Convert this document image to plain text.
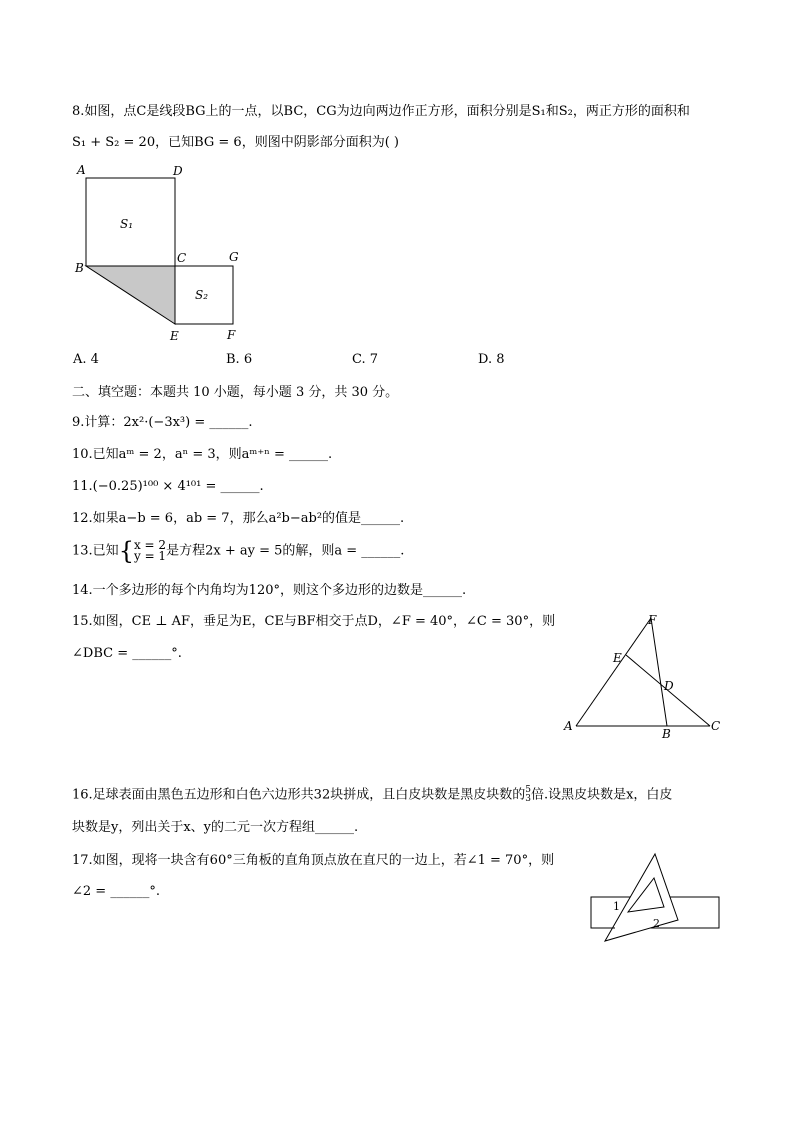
8.如图，点C是线段BG上的一点，以BC，CG为边向两边作正方形，面积分别是S₁和S₂，两正方形的面积和
S₁ + S₂ = 20，已知BG = 6，则图中阴影部分面积为( )
A	D
S₁
B
C	G
S₂
E	F
A. 4	B. 6	C. 7	D. 8
二、填空题：本题共 10 小题，每小题 3 分，共 30 分。
9.计算：2x²·(−3x³) = ______.
10.已知aᵐ = 2，aⁿ = 3，则aᵐ⁺ⁿ = ______.
11.(−0.25)¹⁰⁰ × 4¹⁰¹ = ______.
12.如果a−b = 6，ab = 7，那么a²b−ab²的值是______.
13.已知{x = 2
y = 1是方程2x + ay = 5的解，则a = ______.
14.一个多边形的每个内角均为120°，则这个多边形的边数是______.
15.如图，CE ⊥ AF，垂足为E，CE与BF相交于点D，∠F = 40°，∠C = 30°，则
∠DBC = ______°.
F
E
D
A
B
C
16.足球表面由黑色五边形和白色六边形共32块拼成，且白皮块数是黑皮块数的5
3倍.设黑皮块数是x，白皮
块数是y，列出关于x、y的二元一次方程组______.
17.如图，现将一块含有60°三角板的直角顶点放在直尺的一边上，若∠1 = 70°，则
∠2 = ______°.
1
2
